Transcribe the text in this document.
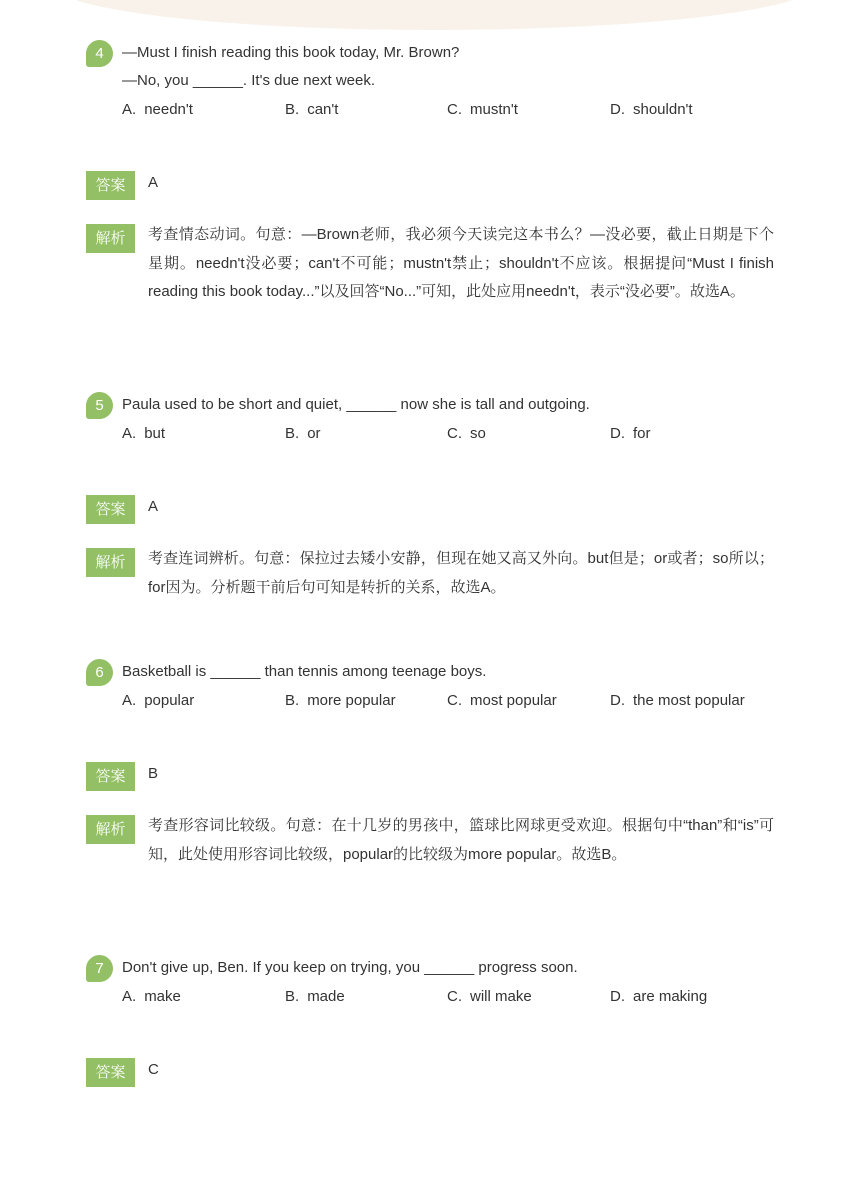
4	—Must I finish reading this book today, Mr. Brown?
—No, you ______. It's due next week.
A. needn't	B. can't	C. mustn't	D. shouldn't
答案	A
解析	考查情态动词。句意：—Brown老师，我必须今天读完这本书么？—没必要，截止日期是下个星期。needn't没必要；can't不可能；mustn't禁止；shouldn't不应该。根据提问“Must I finish reading this book today...”以及回答“No...”可知，此处应用needn't，表示“没必要”。故选A。
5	Paula used to be short and quiet, ______ now she is tall and outgoing.
A. but	B. or	C. so	D. for
答案	A
解析	考查连词辨析。句意：保拉过去矮小安静，但现在她又高又外向。but但是；or或者；so所以；for因为。分析题干前后句可知是转折的关系，故选A。
6	Basketball is ______ than tennis among teenage boys.
A. popular	B. more popular	C. most popular	D. the most popular
答案	B
解析	考查形容词比较级。句意：在十几岁的男孩中，篮球比网球更受欢迎。根据句中“than”和“is”可知，此处使用形容词比较级，popular的比较级为more popular。故选B。
7	Don't give up, Ben. If you keep on trying, you ______ progress soon.
A. make	B. made	C. will make	D. are making
答案	C
